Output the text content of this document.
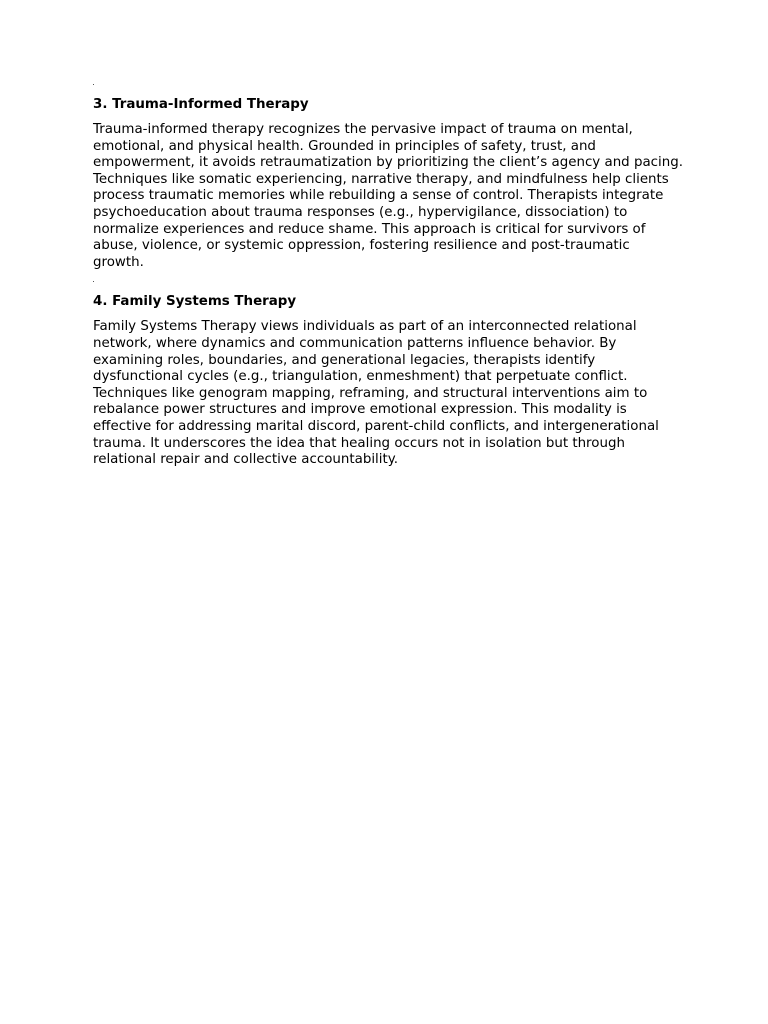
3. Trauma-Informed Therapy

Trauma-informed therapy recognizes the pervasive impact of trauma on mental, emotional, and physical health. Grounded in principles of safety, trust, and empowerment, it avoids retraumatization by prioritizing the client’s agency and pacing. Techniques like somatic experiencing, narrative therapy, and mindfulness help clients process traumatic memories while rebuilding a sense of control. Therapists integrate psychoeducation about trauma responses (e.g., hypervigilance, dissociation) to normalize experiences and reduce shame. This approach is critical for survivors of abuse, violence, or systemic oppression, fostering resilience and post-traumatic growth.

4. Family Systems Therapy

Family Systems Therapy views individuals as part of an interconnected relational network, where dynamics and communication patterns influence behavior. By examining roles, boundaries, and generational legacies, therapists identify dysfunctional cycles (e.g., triangulation, enmeshment) that perpetuate conflict. Techniques like genogram mapping, reframing, and structural interventions aim to rebalance power structures and improve emotional expression. This modality is effective for addressing marital discord, parent-child conflicts, and intergenerational trauma. It underscores the idea that healing occurs not in isolation but through relational repair and collective accountability.
